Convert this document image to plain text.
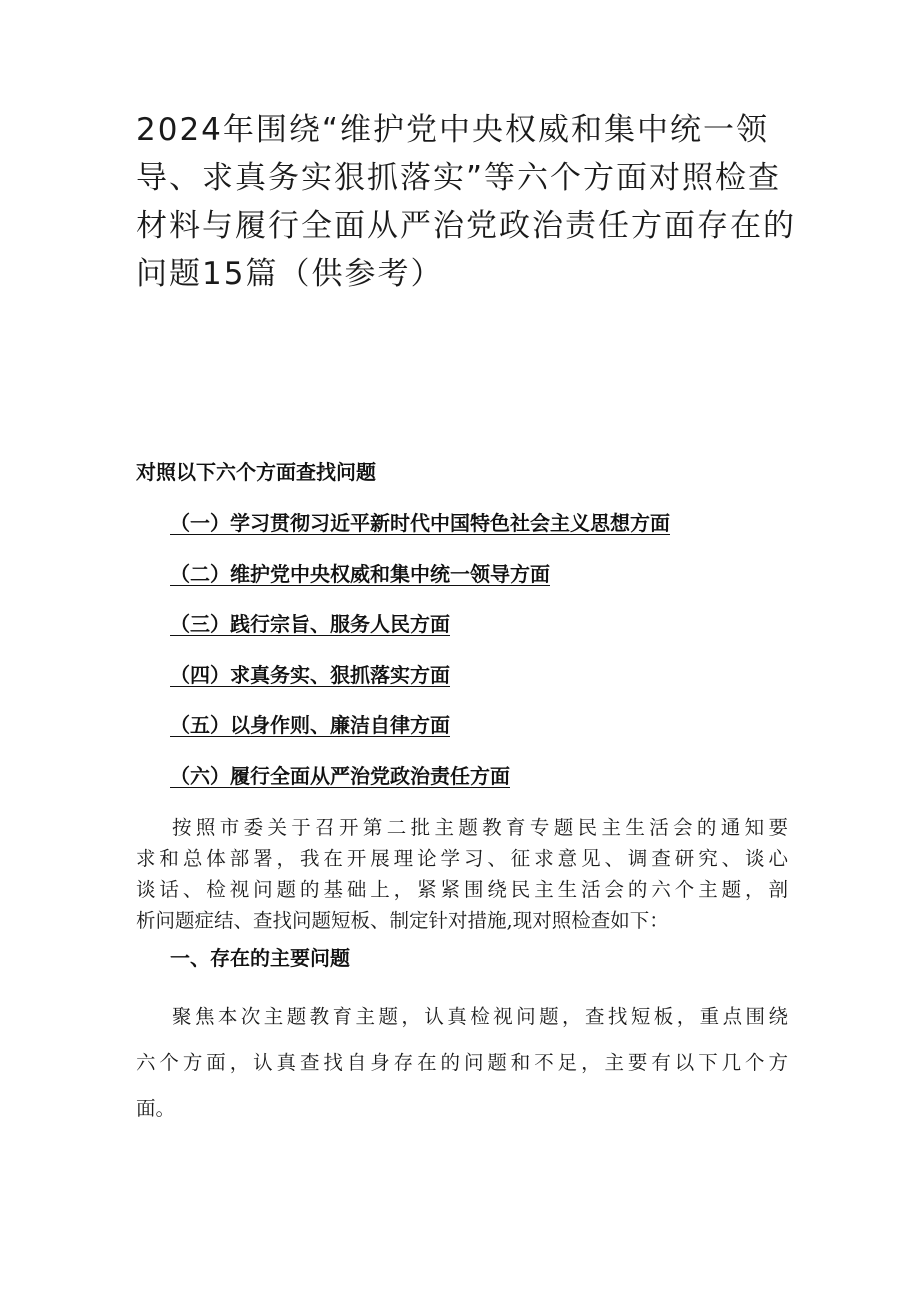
2024年围绕“维护党中央权威和集中统一领
导、求真务实狠抓落实”等六个方面对照检查
材料与履行全面从严治党政治责任方面存在的
问题15篇（供参考）

对照以下六个方面查找问题

（一）学习贯彻习近平新时代中国特色社会主义思想方面
（二）维护党中央权威和集中统一领导方面
（三）践行宗旨、服务人民方面
（四）求真务实、狠抓落实方面
（五）以身作则、廉洁自律方面
（六）履行全面从严治党政治责任方面
按照市委关于召开第二批主题教育专题民主生活会的通知要
求和总体部署，我在开展理论学习、征求意见、调查研究、谈心
谈话、检视问题的基础上，紧紧围绕民主生活会的六个主题，剖
析问题症结、查找问题短板、制定针对措施,现对照检查如下：

一、存在的主要问题

聚焦本次主题教育主题，认真检视问题，查找短板，重点围绕
六个方面，认真查找自身存在的问题和不足，主要有以下几个方
面。
